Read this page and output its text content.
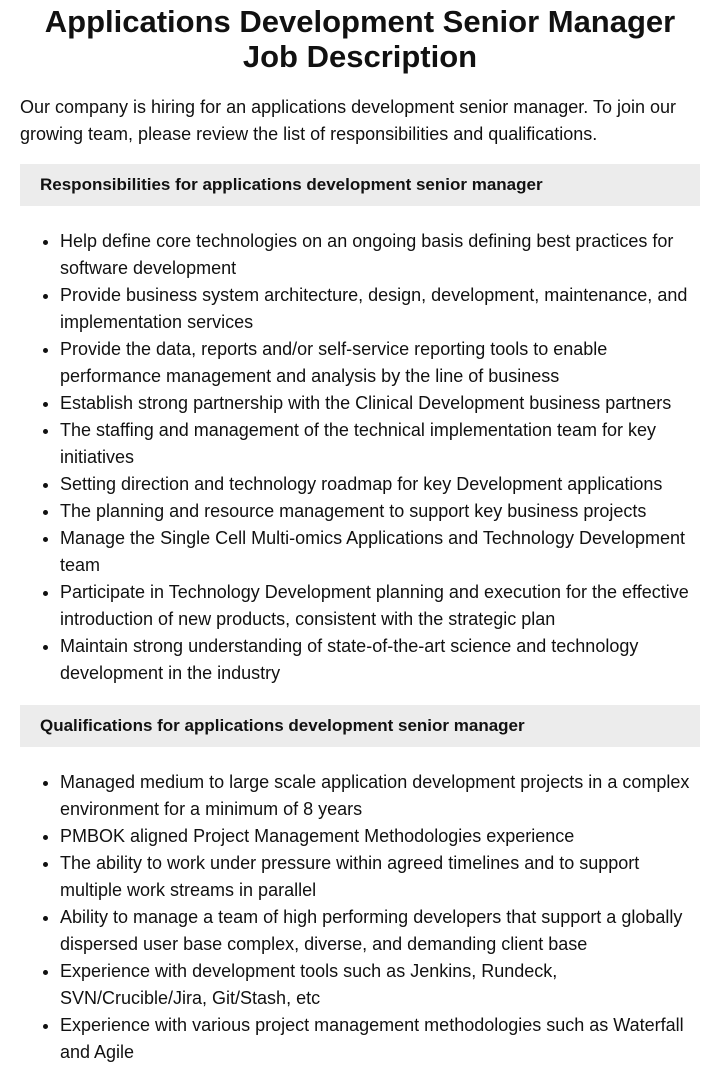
Applications Development Senior Manager Job Description

Our company is hiring for an applications development senior manager. To join our growing team, please review the list of responsibilities and qualifications.

Responsibilities for applications development senior manager
• Help define core technologies on an ongoing basis defining best practices for software development
• Provide business system architecture, design, development, maintenance, and implementation services
• Provide the data, reports and/or self-service reporting tools to enable performance management and analysis by the line of business
• Establish strong partnership with the Clinical Development business partners
• The staffing and management of the technical implementation team for key initiatives
• Setting direction and technology roadmap for key Development applications
• The planning and resource management to support key business projects
• Manage the Single Cell Multi-omics Applications and Technology Development team
• Participate in Technology Development planning and execution for the effective introduction of new products, consistent with the strategic plan
• Maintain strong understanding of state-of-the-art science and technology development in the industry
Qualifications for applications development senior manager
• Managed medium to large scale application development projects in a complex environment for a minimum of 8 years
• PMBOK aligned Project Management Methodologies experience
• The ability to work under pressure within agreed timelines and to support multiple work streams in parallel
• Ability to manage a team of high performing developers that support a globally dispersed user base complex, diverse, and demanding client base
• Experience with development tools such as Jenkins, Rundeck, SVN/Crucible/Jira, Git/Stash, etc
• Experience with various project management methodologies such as Waterfall and Agile
